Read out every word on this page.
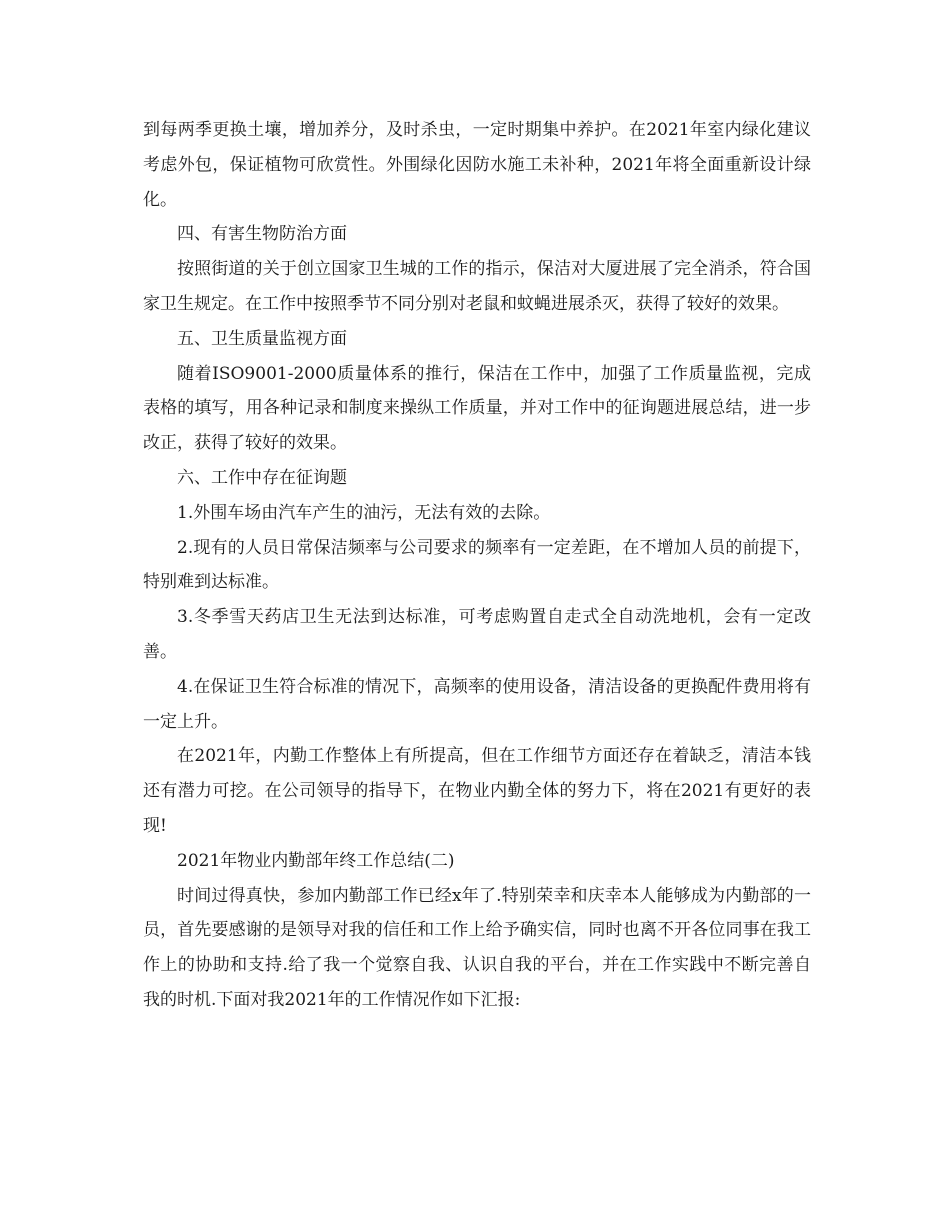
到每两季更换土壤，增加养分，及时杀虫，一定时期集中养护。在2021年室内绿化建议考虑外包，保证植物可欣赏性。外围绿化因防水施工未补种，2021年将全面重新设计绿化。

四、有害生物防治方面

按照街道的关于创立国家卫生城的工作的指示，保洁对大厦进展了完全消杀，符合国家卫生规定。在工作中按照季节不同分别对老鼠和蚊蝇进展杀灭，获得了较好的效果。

五、卫生质量监视方面

随着ISO9001-2000质量体系的推行，保洁在工作中，加强了工作质量监视，完成表格的填写，用各种记录和制度来操纵工作质量，并对工作中的征询题进展总结，进一步改正，获得了较好的效果。

六、工作中存在征询题

1.外围车场由汽车产生的油污，无法有效的去除。

2.现有的人员日常保洁频率与公司要求的频率有一定差距，在不增加人员的前提下，特别难到达标准。

3.冬季雪天药店卫生无法到达标准，可考虑购置自走式全自动洗地机，会有一定改善。

4.在保证卫生符合标准的情况下，高频率的使用设备，清洁设备的更换配件费用将有一定上升。

在2021年，内勤工作整体上有所提高，但在工作细节方面还存在着缺乏，清洁本钱还有潜力可挖。在公司领导的指导下，在物业内勤全体的努力下，将在2021有更好的表现!

2021年物业内勤部年终工作总结(二)

时间过得真快，参加内勤部工作已经x年了.特别荣幸和庆幸本人能够成为内勤部的一员，首先要感谢的是领导对我的信任和工作上给予确实信，同时也离不开各位同事在我工作上的协助和支持.给了我一个觉察自我、认识自我的平台，并在工作实践中不断完善自我的时机.下面对我2021年的工作情况作如下汇报:
